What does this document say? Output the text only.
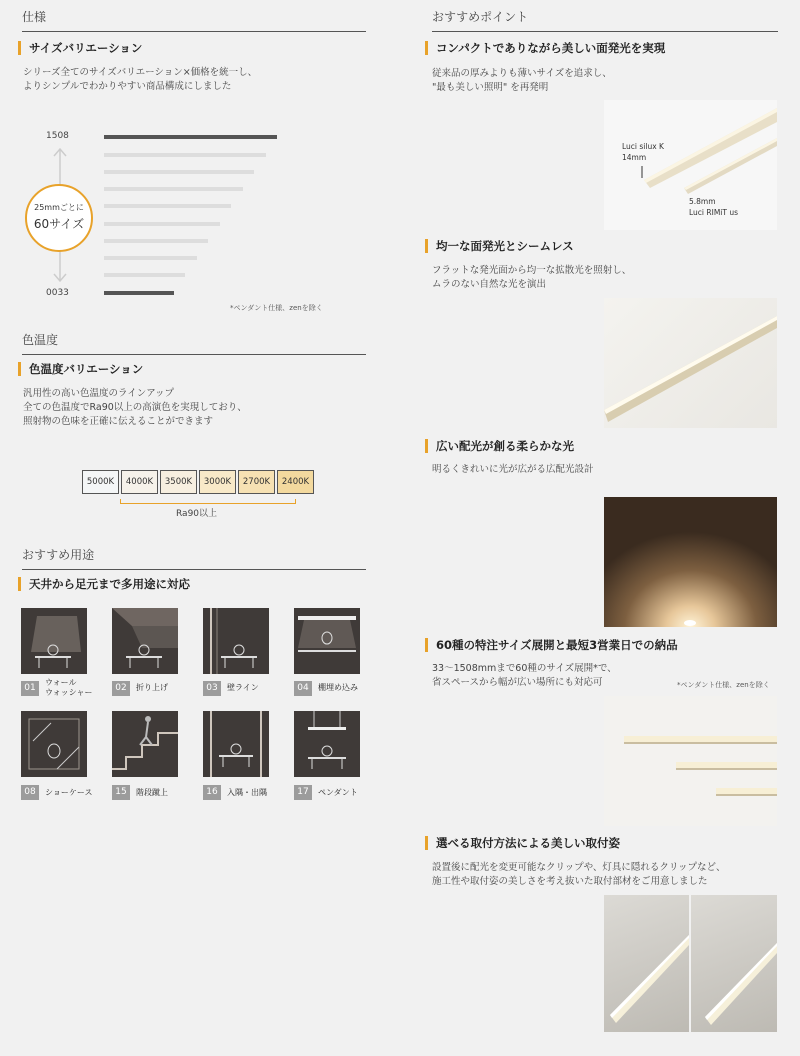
仕様
サイズバリエーション
シリーズ全てのサイズバリエーション×価格を統一し、
よりシンプルでわかりやすい商品構成にしました
1508
0033
25mmごとに
60サイズ
*ペンダント仕様、zenを除く
色温度
色温度バリエーション
汎用性の高い色温度のラインアップ
全ての色温度でRa90以上の高演色を実現しており、
照射物の色味を正確に伝えることができます
5000K	4000K	3500K	3000K	2700K	2400K
Ra90以上
おすすめ用途
天井から足元まで多用途に対応
01
ウォール
ウォッシャー	02	折り上げ	03	壁ライン	04	棚埋め込み
08	ショーケース	15	階段蹴上	16	入隅・出隅	17	ペンダント
おすすめポイント
コンパクトでありながら美しい面発光を実現
従来品の厚みよりも薄いサイズを追求し、
"最も美しい照明" を再発明
Luci silux K
14mm
5.8mm
Luci RIMiT us
均一な面発光とシームレス
フラットな発光面から均一な拡散光を照射し、
ムラのない自然な光を演出
広い配光が創る柔らかな光
明るくきれいに光が広がる広配光設計
60種の特注サイズ展開と最短3営業日での納品
33〜1508mmまで60種のサイズ展開*で、
省スペースから幅が広い場所にも対応可	*ペンダント仕様、zenを除く
選べる取付方法による美しい取付姿
設置後に配光を変更可能なクリップや、灯具に隠れるクリップなど、
施工性や取付姿の美しさを考え抜いた取付部材をご用意しました
